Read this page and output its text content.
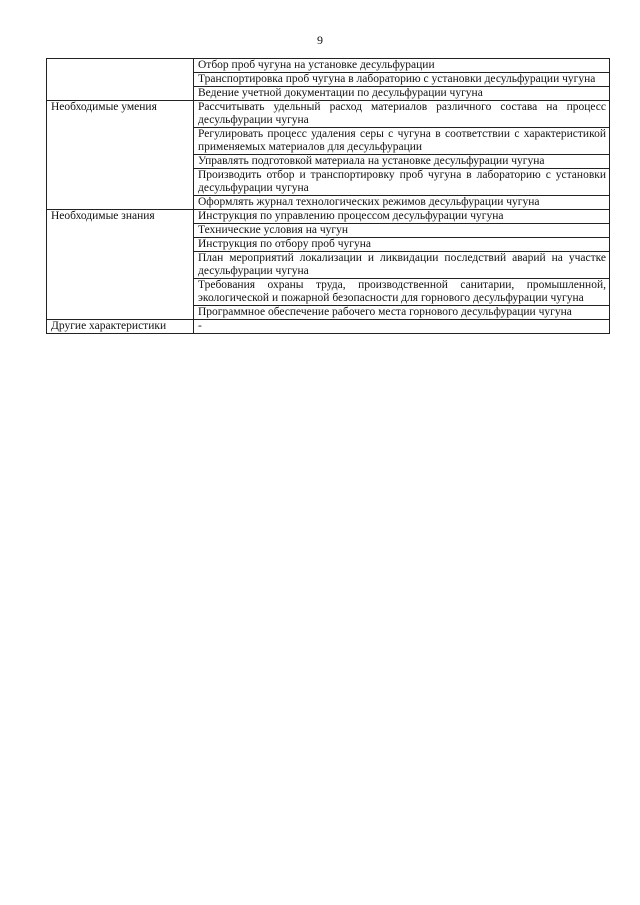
9
	Отбор проб чугуна на установке десульфурации
	Транспортировка проб чугуна в лабораторию с установки десульфурации чугуна
	Ведение учетной документации по десульфурации чугуна
Необходимые умения	Рассчитывать удельный расход материалов различного состава на процесс десульфурации чугуна
	Регулировать процесс удаления серы с чугуна в соответствии с характеристикой применяемых материалов для десульфурации
	Управлять подготовкой материала на установке десульфурации чугуна
	Производить отбор и транспортировку проб чугуна в лабораторию с установки десульфурации чугуна
	Оформлять журнал технологических режимов десульфурации чугуна
Необходимые знания	Инструкция по управлению процессом десульфурации чугуна
	Технические условия на чугун
	Инструкция по отбору проб чугуна
	План мероприятий локализации и ликвидации последствий аварий на участке десульфурации чугуна
	Требования охраны труда, производственной санитарии, промышленной, экологической и пожарной безопасности для горнового десульфурации чугуна
	Программное обеспечение рабочего места горнового десульфурации чугуна
Другие характеристики	-
